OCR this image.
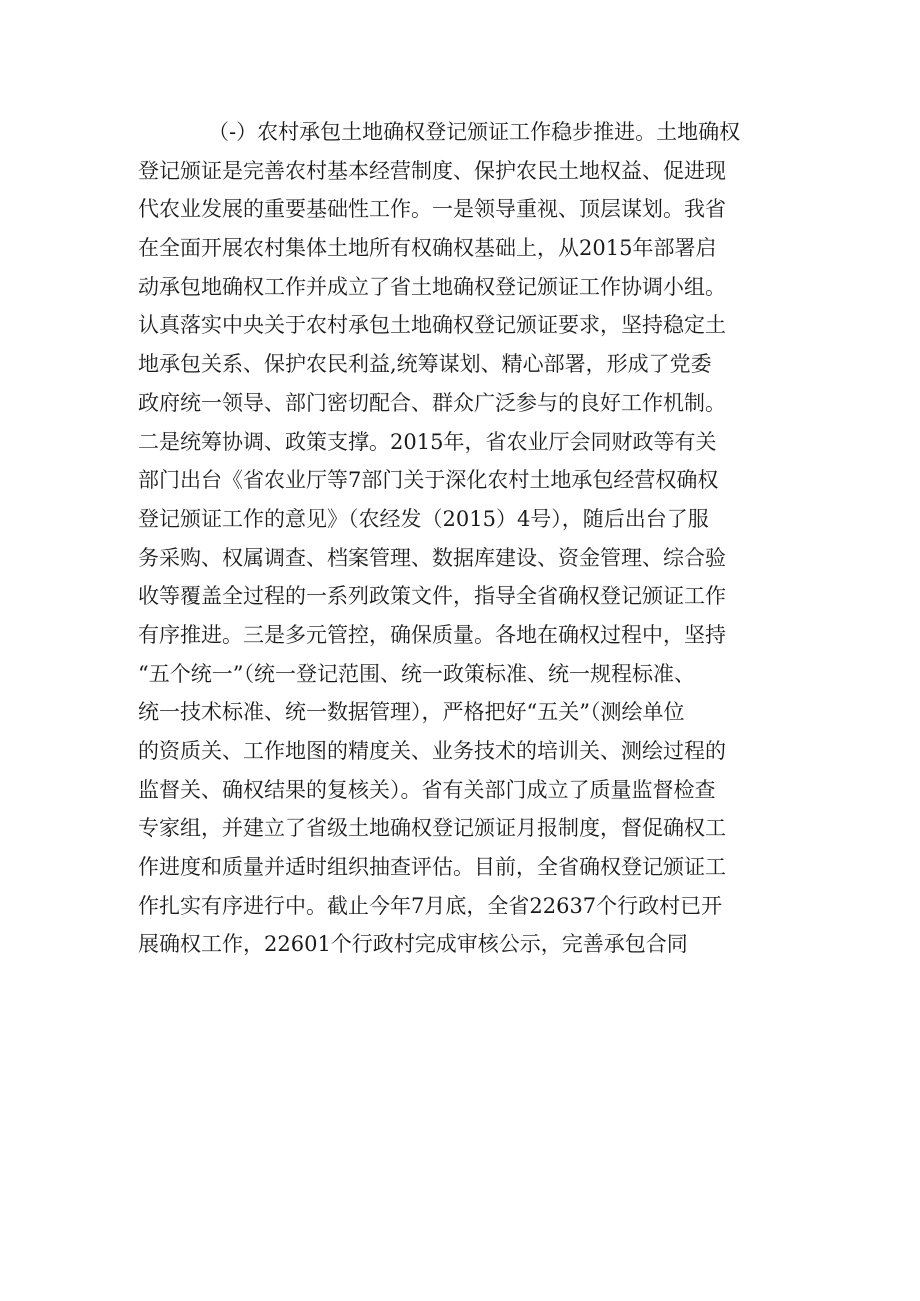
（-）农村承包土地确权登记颁证工作稳步推进。土地确权
登记颁证是完善农村基本经营制度、保护农民土地权益、促进现
代农业发展的重要基础性工作。一是领导重视、顶层谋划。我省
在全面开展农村集体土地所有权确权基础上，从2015年部署启
动承包地确权工作并成立了省土地确权登记颁证工作协调小组。
认真落实中央关于农村承包土地确权登记颁证要求，坚持稳定土
地承包关系、保护农民利益,统筹谋划、精心部署，形成了党委
政府统一领导、部门密切配合、群众广泛参与的良好工作机制。
二是统筹协调、政策支撑。2015年，省农业厅会同财政等有关
部门出台《省农业厅等7部门关于深化农村土地承包经营权确权
登记颁证工作的意见》（农经发（2015）4号），随后出台了服
务采购、权属调查、档案管理、数据库建设、资金管理、综合验
收等覆盖全过程的一系列政策文件，指导全省确权登记颁证工作
有序推进。三是多元管控，确保质量。各地在确权过程中，坚持
“五个统一”（统一登记范围、统一政策标准、统一规程标准、
统一技术标准、统一数据管理），严格把好“五关”（测绘单位
的资质关、工作地图的精度关、业务技术的培训关、测绘过程的
监督关、确权结果的复核关）。省有关部门成立了质量监督检查
专家组，并建立了省级土地确权登记颁证月报制度，督促确权工
作进度和质量并适时组织抽查评估。目前，全省确权登记颁证工
作扎实有序进行中。截止今年7月底，全省22637个行政村已开
展确权工作，22601个行政村完成审核公示，完善承包合同
